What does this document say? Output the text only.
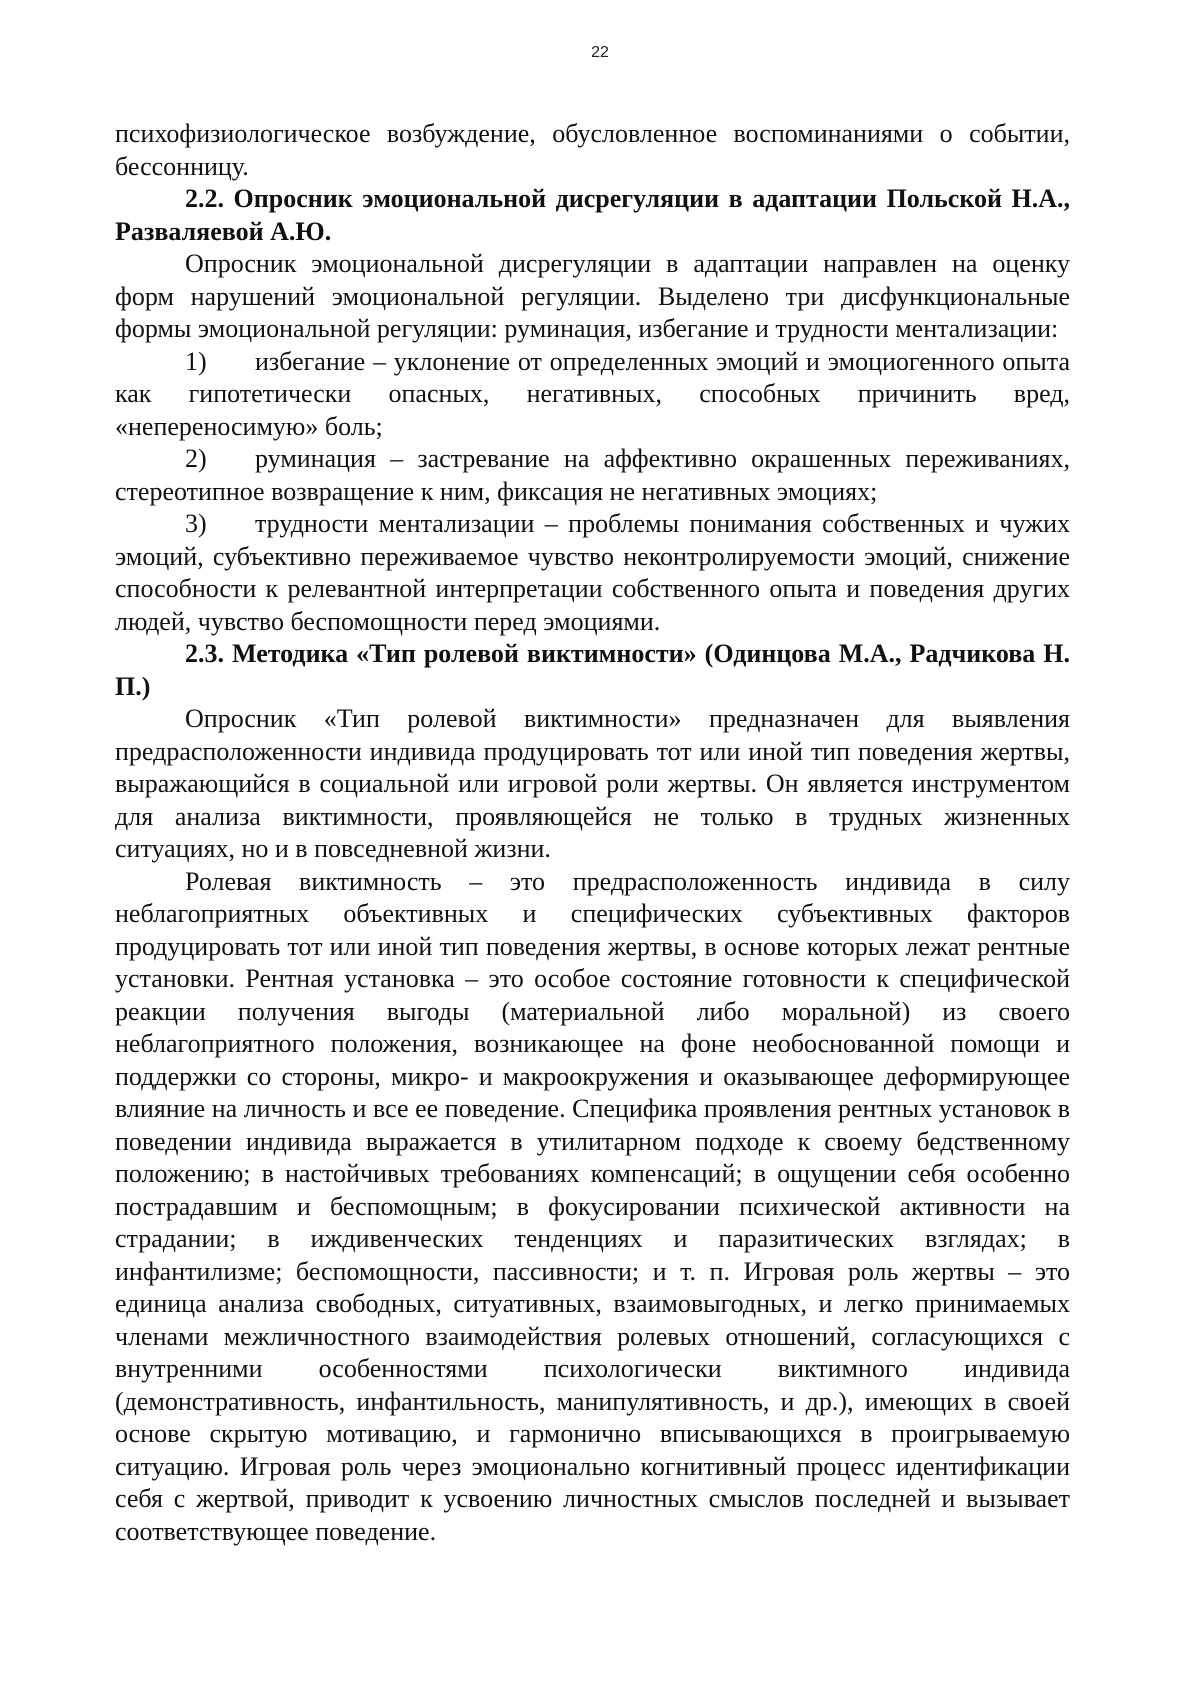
22

психофизиологическое возбуждение, обусловленное воспоминаниями о событии, бессонницу.

2.2. Опросник эмоциональной дисрегуляции в адаптации Польской Н.А., Разваляевой А.Ю.

Опросник эмоциональной дисрегуляции в адаптации направлен на оценку форм нарушений эмоциональной регуляции. Выделено три дисфункциональные формы эмоциональной регуляции: руминация, избегание и трудности ментализации:

1) избегание – уклонение от определенных эмоций и эмоциогенного опыта как гипотетически опасных, негативных, способных причинить вред, «непереносимую» боль;

2) руминация – застревание на аффективно окрашенных переживаниях, стереотипное возвращение к ним, фиксация не негативных эмоциях;

3) трудности ментализации – проблемы понимания собственных и чужих эмоций, субъективно переживаемое чувство неконтролируемости эмоций, снижение способности к релевантной интерпретации собственного опыта и поведения других людей, чувство беспомощности перед эмоциями.

2.3. Методика «Тип ролевой виктимности» (Одинцова М.А., Радчикова Н. П.)

Опросник «Тип ролевой виктимности» предназначен для выявления предрасположенности индивида продуцировать тот или иной тип поведения жертвы, выражающийся в социальной или игровой роли жертвы. Он является инструментом для анализа виктимности, проявляющейся не только в трудных жизненных ситуациях, но и в повседневной жизни.

Ролевая виктимность – это предрасположенность индивида в силу неблагоприятных объективных и специфических субъективных факторов продуцировать тот или иной тип поведения жертвы, в основе которых лежат рентные установки. Рентная установка – это особое состояние готовности к специфической реакции получения выгоды (материальной либо моральной) из своего неблагоприятного положения, возникающее на фоне необоснованной помощи и поддержки со стороны, микро- и макроокружения и оказывающее деформирующее влияние на личность и все ее поведение. Специфика проявления рентных установок в поведении индивида выражается в утилитарном подходе к своему бедственному положению; в настойчивых требованиях компенсаций; в ощущении себя особенно пострадавшим и беспомощным; в фокусировании психической активности на страдании; в иждивенческих тенденциях и паразитических взглядах; в инфантилизме; беспомощности, пассивности; и т. п. Игровая роль жертвы – это единица анализа свободных, ситуативных, взаимовыгодных, и легко принимаемых членами межличностного взаимодействия ролевых отношений, согласующихся с внутренними особенностями психологически виктимного индивида (демонстративность, инфантильность, манипулятивность, и др.), имеющих в своей основе скрытую мотивацию, и гармонично вписывающихся в проигрываемую ситуацию. Игровая роль через эмоционально когнитивный процесс идентификации себя с жертвой, приводит к усвоению личностных смыслов последней и вызывает соответствующее поведение.
